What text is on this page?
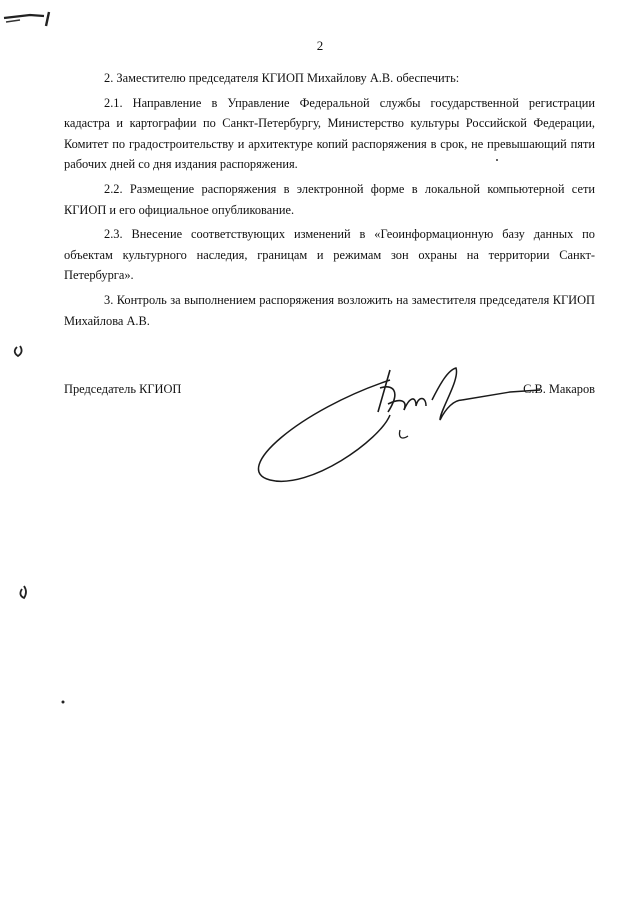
2

2. Заместителю председателя КГИОП Михайлову А.В. обеспечить:

2.1. Направление в Управление Федеральной службы государственной регистрации кадастра и картографии по Санкт-Петербургу, Министерство культуры Российской Федерации, Комитет по градостроительству и архитектуре копий распоряжения в срок, не превышающий пяти рабочих дней со дня издания распоряжения.

2.2. Размещение распоряжения в электронной форме в локальной компьютерной сети КГИОП и его официальное опубликование.

2.3. Внесение соответствующих изменений в «Геоинформационную базу данных по объектам культурного наследия, границам и режимам зон охраны на территории Санкт-Петербурга».

3. Контроль за выполнением распоряжения возложить на заместителя председателя КГИОП Михайлова А.В.

Председатель КГИОП	С.В. Макаров
